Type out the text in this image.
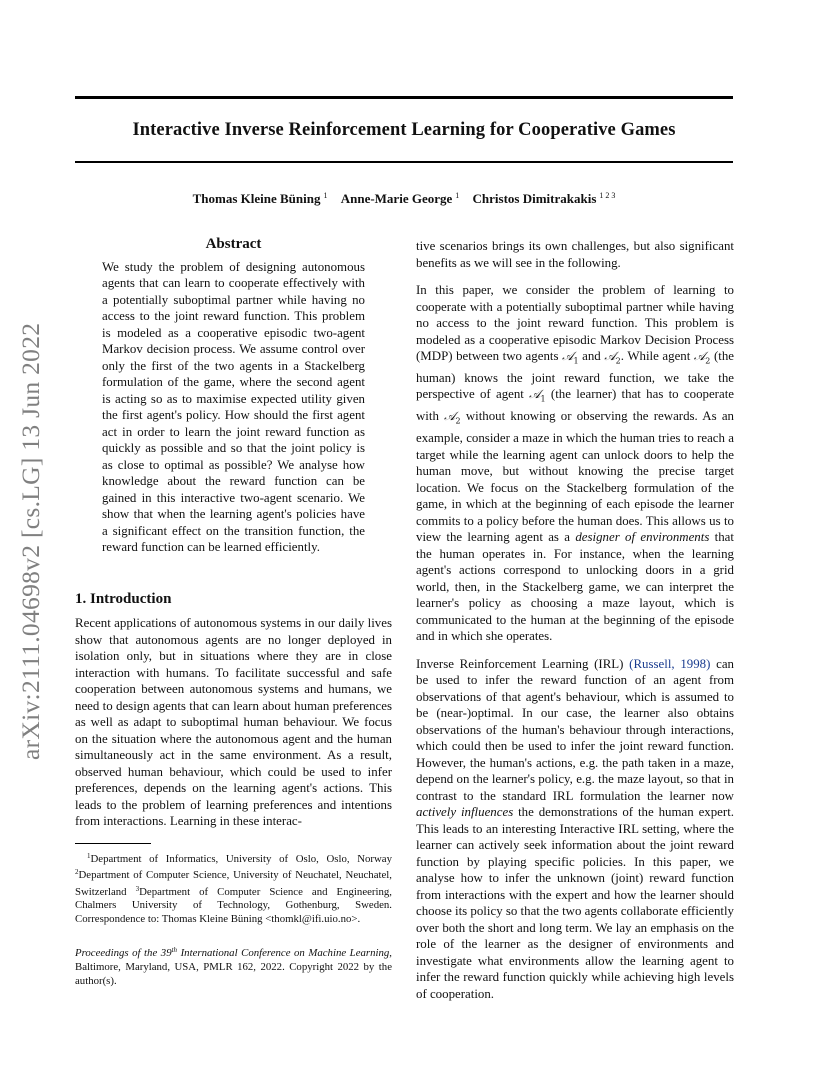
arXiv:2111.04698v2 [cs.LG] 13 Jun 2022
Interactive Inverse Reinforcement Learning for Cooperative Games
Thomas Kleine Büning $^1$ Anne-Marie George $^1$ Christos Dimitrakakis $^{1 2 3}$
Abstract

We study the problem of designing autonomous agents that can learn to cooperate effectively with a potentially suboptimal partner while having no access to the joint reward function. This problem is modeled as a cooperative episodic two-agent Markov decision process. We assume control over only the first of the two agents in a Stackelberg formulation of the game, where the second agent is acting so as to maximise expected utility given the first agent's policy. How should the first agent act in order to learn the joint reward function as quickly as possible and so that the joint policy is as close to optimal as possible? We analyse how knowledge about the reward function can be gained in this interactive two-agent scenario. We show that when the learning agent's policies have a significant effect on the transition function, the reward function can be learned efficiently.

1. Introduction

Recent applications of autonomous systems in our daily lives show that autonomous agents are no longer deployed in isolation only, but in situations where they are in close interaction with humans. To facilitate successful and safe cooperation between autonomous systems and humans, we need to design agents that can learn about human preferences as well as adapt to suboptimal human behaviour. We focus on the situation where the autonomous agent and the human simultaneously act in the same environment. As a result, observed human behaviour, which could be used to infer preferences, depends on the learning agent's actions. This leads to the problem of learning preferences and intentions from interactions. Learning in these interac-

$^1$Department of Informatics, University of Oslo, Oslo, Norway $^2$Department of Computer Science, University of Neuchatel, Neuchatel, Switzerland $^3$Department of Computer Science and Engineering, Chalmers University of Technology, Gothenburg, Sweden. Correspondence to: Thomas Kleine Büning <thomkl@ifi.uio.no>.

Proceedings of the 39th International Conference on Machine Learning, Baltimore, Maryland, USA, PMLR 162, 2022. Copyright 2022 by the author(s).

tive scenarios brings its own challenges, but also significant benefits as we will see in the following.

In this paper, we consider the problem of learning to cooperate with a potentially suboptimal partner while having no access to the joint reward function. This problem is modeled as a cooperative episodic Markov Decision Process (MDP) between two agents 𝒜$_1$ and 𝒜$_2$. While agent 𝒜$_2$ (the human) knows the joint reward function, we take the perspective of agent 𝒜$_1$ (the learner) that has to cooperate with 𝒜$_2$ without knowing or observing the rewards. As an example, consider a maze in which the human tries to reach a target while the learning agent can unlock doors to help the human move, but without knowing the precise target location. We focus on the Stackelberg formulation of the game, in which at the beginning of each episode the learner commits to a policy before the human does. This allows us to view the learning agent as a designer of environments that the human operates in. For instance, when the learning agent's actions correspond to unlocking doors in a grid world, then, in the Stackelberg game, we can interpret the learner's policy as choosing a maze layout, which is communicated to the human at the beginning of the episode and in which she operates.

Inverse Reinforcement Learning (IRL) (Russell, 1998) can be used to infer the reward function of an agent from observations of that agent's behaviour, which is assumed to be (near-)optimal. In our case, the learner also obtains observations of the human's behaviour through interactions, which could then be used to infer the joint reward function. However, the human's actions, e.g. the path taken in a maze, depend on the learner's policy, e.g. the maze layout, so that in contrast to the standard IRL formulation the learner now actively influences the demonstrations of the human expert. This leads to an interesting Interactive IRL setting, where the learner can actively seek information about the joint reward function by playing specific policies. In this paper, we analyse how to infer the unknown (joint) reward function from interactions with the expert and how the learner should choose its policy so that the two agents collaborate efficiently over both the short and long term. We lay an emphasis on the role of the learner as the designer of environments and investigate what environments allow the learning agent to infer the reward function quickly while achieving high levels of cooperation.
